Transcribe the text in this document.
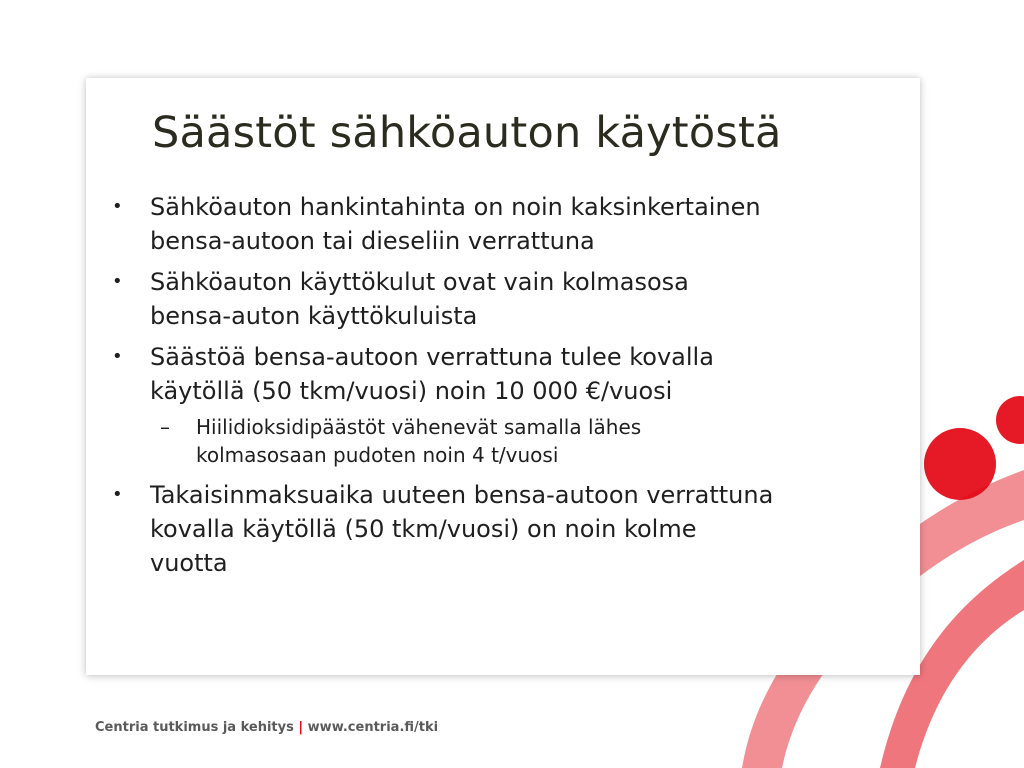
Säästöt sähköauton käytöstä
• Sähköauton hankintahinta on noin kaksinkertainen
bensa-autoon tai dieseliin verrattuna
• Sähköauton käyttökulut ovat vain kolmasosa
bensa-auton käyttökuluista
• Säästöä bensa-autoon verrattuna tulee kovalla
käytöllä (50 tkm/vuosi) noin 10 000 €/vuosi
– Hiilidioksidipäästöt vähenevät samalla lähes
kolmasosaan pudoten noin 4 t/vuosi
• Takaisinmaksuaika uuteen bensa-autoon verrattuna
kovalla käytöllä (50 tkm/vuosi) on noin kolme
vuotta
Centria tutkimus ja kehitys | www.centria.fi/tki
